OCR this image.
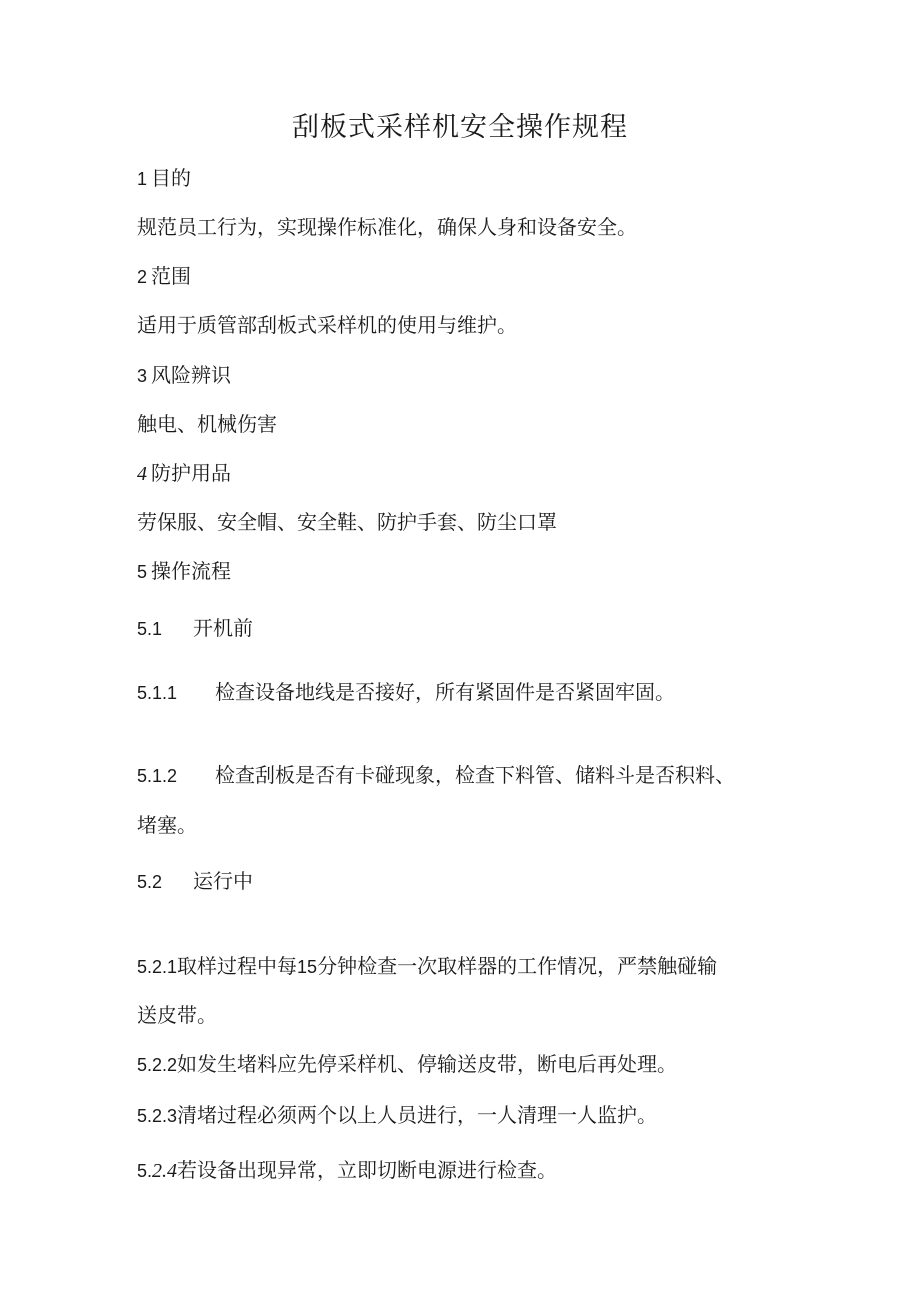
刮板式采样机安全操作规程
1 目的
规范员工行为，实现操作标准化，确保人身和设备安全。
2 范围
适用于质管部刮板式采样机的使用与维护。
3 风险辨识
触电、机械伤害
4 防护用品
劳保服、安全帽、安全鞋、防护手套、防尘口罩
5 操作流程
5.1 开机前
5.1.1 检查设备地线是否接好，所有紧固件是否紧固牢固。
5.1.2 检查刮板是否有卡碰现象，检查下料管、储料斗是否积料、
堵塞。
5.2 运行中
5.2.1取样过程中每15分钟检查一次取样器的工作情况，严禁触碰输
送皮带。
5.2.2如发生堵料应先停采样机、停输送皮带，断电后再处理。
5.2.3清堵过程必须两个以上人员进行，一人清理一人监护。
5.2.4若设备出现异常，立即切断电源进行检查。
